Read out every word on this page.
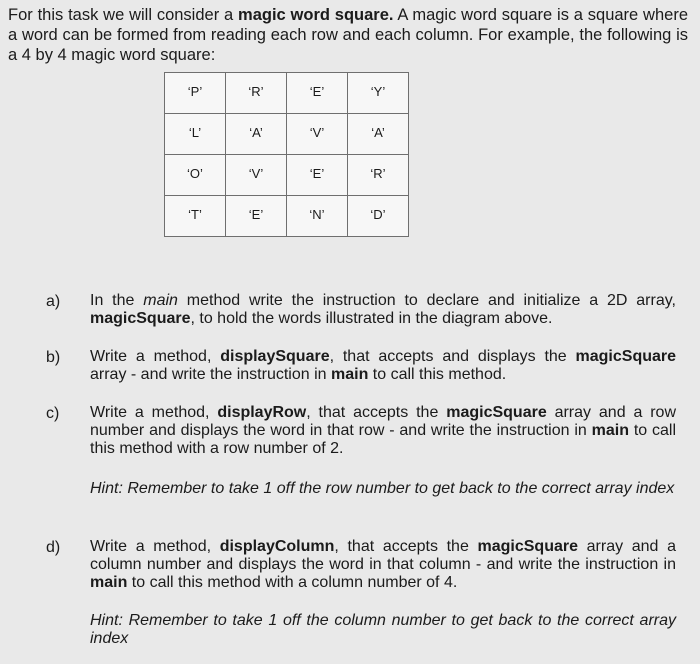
For this task we will consider a magic word square. A magic word square is a square where a word can be formed from reading each row and each column. For example, the following is a 4 by 4 magic word square:

‘P’	‘R’	‘E’	‘Y’
‘L’	‘A’	‘V’	‘A’
‘O’	‘V’	‘E’	‘R’
‘T’	‘E’	‘N’	‘D’
a) In the main method write the instruction to declare and initialize a 2D array, magicSquare, to hold the words illustrated in the diagram above.

b) Write a method, displaySquare, that accepts and displays the magicSquare array - and write the instruction in main to call this method.

c) Write a method, displayRow, that accepts the magicSquare array and a row number and displays the word in that row - and write the instruction in main to call this method with a row number of 2.

Hint: Remember to take 1 off the row number to get back to the correct array index

d) Write a method, displayColumn, that accepts the magicSquare array and a column number and displays the word in that column - and write the instruction in main to call this method with a column number of 4.

Hint: Remember to take 1 off the column number to get back to the correct array index
